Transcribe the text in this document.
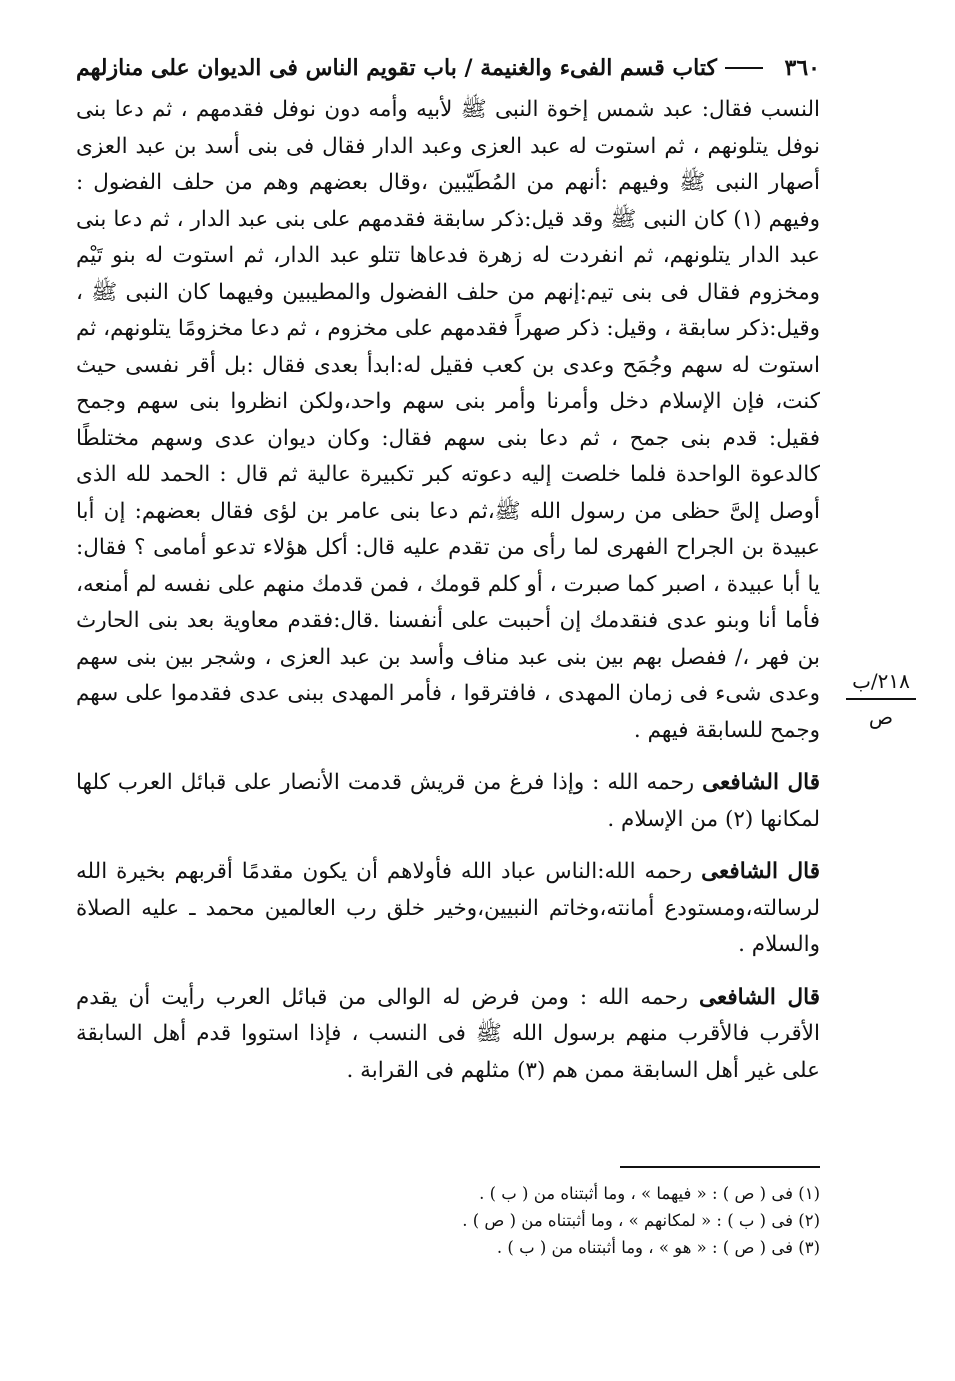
٣٦٠
كتاب قسم الفىء والغنيمة / باب تقويم الناس فى الديوان على منازلهم

النسب فقال: عبد شمس إخوة النبى ﷺ لأبيه وأمه دون نوفل فقدمهم ، ثم دعا بنى نوفل يتلونهم ، ثم استوت له عبد العزى وعبد الدار فقال فى بنى أسد بن عبد العزى أصهار النبى ﷺ وفيهم :أنهم من المُطَيّبين ،وقال بعضهم وهم من حلف الفضول : وفيهم (١) كان النبى ﷺ وقد قيل:ذكر سابقة فقدمهم على بنى عبد الدار ، ثم دعا بنى عبد الدار يتلونهم، ثم انفردت له زهرة فدعاها تتلو عبد الدار، ثم استوت له بنو تَيْم ومخزوم فقال فى بنى تيم:إنهم من حلف الفضول والمطيبين وفيهما كان النبى ﷺ ، وقيل:ذكر سابقة ، وقيل: ذكر صهراً فقدمهم على مخزوم ، ثم دعا مخزومًا يتلونهم، ثم استوت له سهم وجُمَح وعدى بن كعب فقيل له:ابدأ بعدى فقال :بل أقر نفسى حيث كنت، فإن الإسلام دخل وأمرنا وأمر بنى سهم واحد،ولكن انظروا بنى سهم وجمح فقيل: قدم بنى جمح ، ثم دعا بنى سهم فقال: وكان ديوان عدى وسهم مختلطًا كالدعوة الواحدة فلما خلصت إليه دعوته كبر تكبيرة عالية ثم قال : الحمد لله الذى أوصل إلىَّ حظى من رسول الله ﷺ،ثم دعا بنى عامر بن لؤى فقال بعضهم: إن أبا عبيدة بن الجراح الفهرى لما رأى من تقدم عليه قال: أكل هؤلاء تدعو أمامى ؟ فقال: يا أبا عبيدة ، اصبر كما صبرت ، أو كلم قومك ، فمن قدمك منهم على نفسه لم أمنعه، فأما أنا وبنو عدى فنقدمك إن أحببت على أنفسنا .قال:فقدم معاوية بعد بنى الحارث بن فهر ،/ ففصل بهم بين بنى عبد مناف وأسد بن عبد العزى ، وشجر بين بنى سهم وعدى شىء فى زمان المهدى ، فافترقوا ، فأمر المهدى ببنى عدى فقدموا على سهم وجمح للسابقة فيهم .

قال الشافعى رحمه الله : وإذا فرغ من قريش قدمت الأنصار على قبائل العرب كلها لمكانها (٢) من الإسلام .

قال الشافعى رحمه الله:الناس عباد الله فأولاهم أن يكون مقدمًا أقربهم بخيرة الله لرسالته،ومستودع أمانته،وخاتم النبيين،وخير خلق رب العالمين محمد ـ عليه الصلاة والسلام .

قال الشافعى رحمه الله : ومن فرض له الوالى من قبائل العرب رأيت أن يقدم الأقرب فالأقرب منهم برسول الله ﷺ فى النسب ، فإذا استووا قدم أهل السابقة على غير أهل السابقة ممن هم (٣) مثلهم فى القرابة .

٢١٨/ب
ص
(١) فى ( ص ) : « فيهما » ، وما أثبتناه من ( ب ) .
(٢) فى ( ب ) : « لمكانهم » ، وما أثبتناه من ( ص ) .
(٣) فى ( ص ) : « هو » ، وما أثبتناه من ( ب ) .
